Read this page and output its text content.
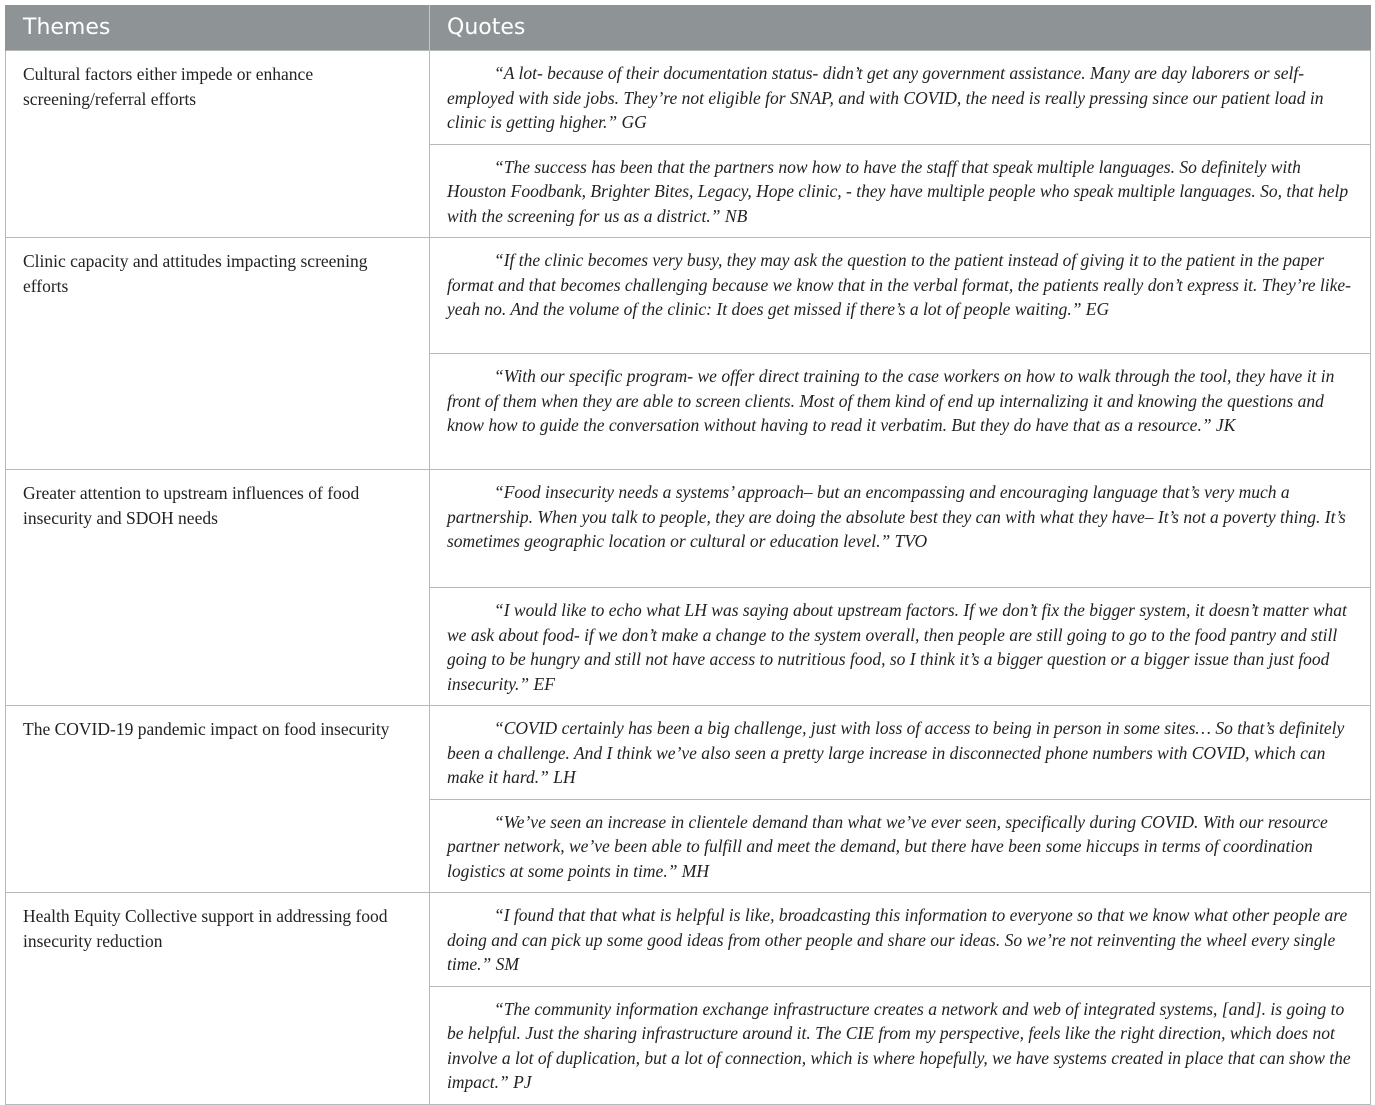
Themes	Quotes
Cultural factors either impede or enhance screening/referral efforts	“A lot- because of their documentation status- didn’t get any government assistance. Many are day laborers or self-employed with side jobs. They’re not eligible for SNAP, and with COVID, the need is really pressing since our patient load in clinic is getting higher.” GG

	“The success has been that the partners now how to have the staff that speak multiple languages. So definitely with Houston Foodbank, Brighter Bites, Legacy, Hope clinic, - they have multiple people who speak multiple languages. So, that help with the screening for us as a district.” NB

Clinic capacity and attitudes impacting screening efforts	“If the clinic becomes very busy, they may ask the question to the patient instead of giving it to the patient in the paper format and that becomes challenging because we know that in the verbal format, the patients really don’t express it. They’re like- yeah no. And the volume of the clinic: It does get missed if there’s a lot of people waiting.” EG

	“With our specific program- we offer direct training to the case workers on how to walk through the tool, they have it in front of them when they are able to screen clients. Most of them kind of end up internalizing it and knowing the questions and know how to guide the conversation without having to read it verbatim. But they do have that as a resource.” JK

Greater attention to upstream influences of food insecurity and SDOH needs	“Food insecurity needs a systems’ approach– but an encompassing and encouraging language that’s very much a partnership. When you talk to people, they are doing the absolute best they can with what they have– It’s not a poverty thing. It’s sometimes geographic location or cultural or education level.” TVO

	“I would like to echo what LH was saying about upstream factors. If we don’t fix the bigger system, it doesn’t matter what we ask about food- if we don’t make a change to the system overall, then people are still going to go to the food pantry and still going to be hungry and still not have access to nutritious food, so I think it’s a bigger question or a bigger issue than just food insecurity.” EF

The COVID-19 pandemic impact on food insecurity	“COVID certainly has been a big challenge, just with loss of access to being in person in some sites… So that’s definitely been a challenge. And I think we’ve also seen a pretty large increase in disconnected phone numbers with COVID, which can make it hard.” LH

	“We’ve seen an increase in clientele demand than what we’ve ever seen, specifically during COVID. With our resource partner network, we’ve been able to fulfill and meet the demand, but there have been some hiccups in terms of coordination logistics at some points in time.” MH

Health Equity Collective support in addressing food insecurity reduction	“I found that that what is helpful is like, broadcasting this information to everyone so that we know what other people are doing and can pick up some good ideas from other people and share our ideas. So we’re not reinventing the wheel every single time.” SM

	“The community information exchange infrastructure creates a network and web of integrated systems, [and]. is going to be helpful. Just the sharing infrastructure around it. The CIE from my perspective, feels like the right direction, which does not involve a lot of duplication, but a lot of connection, which is where hopefully, we have systems created in place that can show the impact.” PJ
